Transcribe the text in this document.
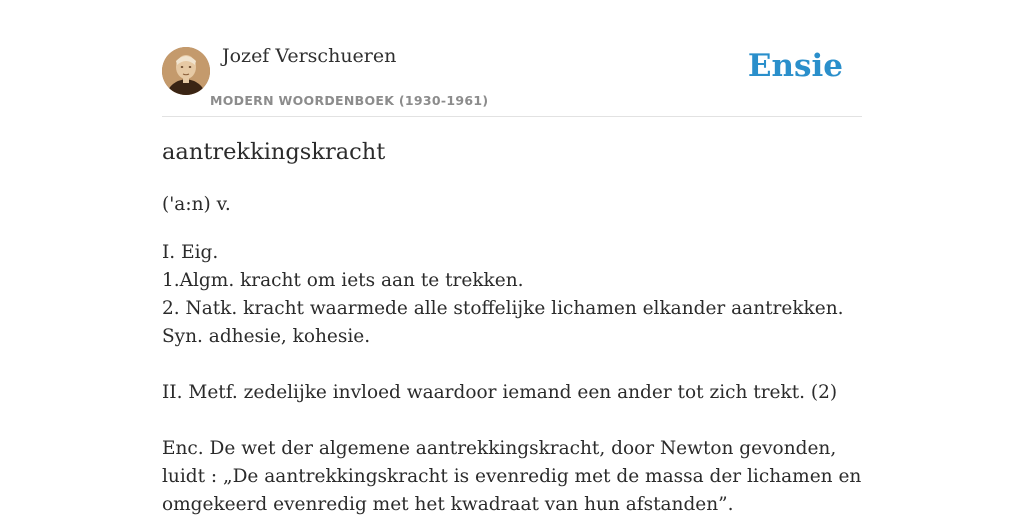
Jozef Verschueren
MODERN WOORDENBOEK (1930-1961)
Ensie
aantrekkingskracht
('a:n) v.

I. Eig.

1.Algm. kracht om iets aan te trekken.

2. Natk. kracht waarmede alle stoffelijke lichamen elkander aantrekken. Syn. adhesie, kohesie.

II. Metf. zedelijke invloed waardoor iemand een ander tot zich trekt. (2)

Enc. De wet der algemene aantrekkingskracht, door Newton gevonden, luidt : „De aantrekkingskracht is evenredig met de massa der lichamen en omgekeerd evenredig met het kwadraat van hun afstanden”.
